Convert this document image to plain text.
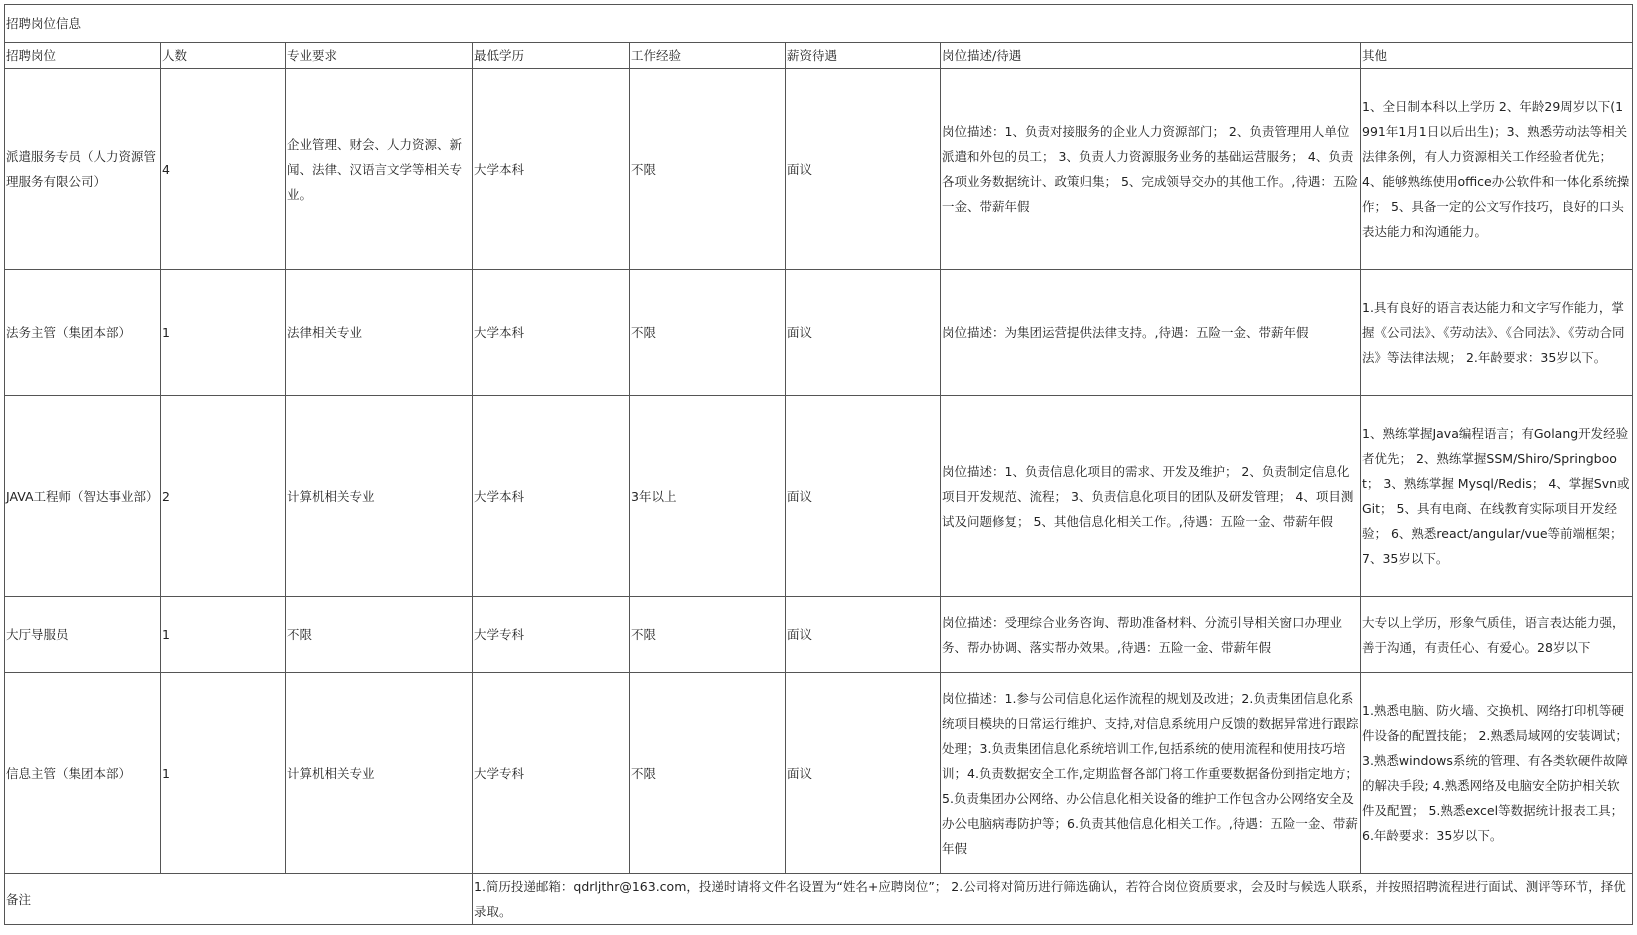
招聘岗位信息							
招聘岗位	人数	专业要求	最低学历	工作经验	薪资待遇	岗位描述/待遇	其他
派遣服务专员（人力资源管理服务有限公司）	4	企业管理、财会、人力资源、新闻、法律、汉语言文学等相关专业。	大学本科	不限	面议	岗位描述：1、负责对接服务的企业人力资源部门； 2、负责管理用人单位派遣和外包的员工； 3、负责人力资源服务业务的基础运营服务； 4、负责各项业务数据统计、政策归集； 5、完成领导交办的其他工作。,待遇：五险一金、带薪年假	1、全日制本科以上学历 2、年龄29周岁以下(1991年1月1日以后出生)；3、熟悉劳动法等相关法律条例，有人力资源相关工作经验者优先； 4、能够熟练使用office办公软件和一体化系统操作； 5、具备一定的公文写作技巧，良好的口头表达能力和沟通能力。
法务主管（集团本部）	1	法律相关专业	大学本科	不限	面议	岗位描述：为集团运营提供法律支持。,待遇：五险一金、带薪年假	1.具有良好的语言表达能力和文字写作能力，掌握《公司法》、《劳动法》、《合同法》、《劳动合同法》等法律法规； 2.年龄要求：35岁以下。
JAVA工程师（智达事业部）	2	计算机相关专业	大学本科	3年以上	面议	岗位描述：1、负责信息化项目的需求、开发及维护； 2、负责制定信息化项目开发规范、流程； 3、负责信息化项目的团队及研发管理； 4、项目测试及问题修复； 5、其他信息化相关工作。,待遇：五险一金、带薪年假	1、熟练掌握Java编程语言；有Golang开发经验者优先； 2、熟练掌握SSM/Shiro/Springboot； 3、熟练掌握 Mysql/Redis； 4、掌握Svn或Git； 5、具有电商、在线教育实际项目开发经验； 6、熟悉react/angular/vue等前端框架； 7、35岁以下。
大厅导服员	1	不限	大学专科	不限	面议	岗位描述：受理综合业务咨询、帮助准备材料、分流引导相关窗口办理业务、帮办协调、落实帮办效果。,待遇：五险一金、带薪年假	大专以上学历，形象气质佳，语言表达能力强，善于沟通，有责任心、有爱心。28岁以下
信息主管（集团本部）	1	计算机相关专业	大学专科	不限	面议	岗位描述：1.参与公司信息化运作流程的规划及改进；2.负责集团信息化系统项目模块的日常运行维护、支持,对信息系统用户反馈的数据异常进行跟踪处理；3.负责集团信息化系统培训工作,包括系统的使用流程和使用技巧培训；4.负责数据安全工作,定期监督各部门将工作重要数据备份到指定地方；5.负责集团办公网络、办公信息化相关设备的维护工作包含办公网络安全及办公电脑病毒防护等；6.负责其他信息化相关工作。,待遇：五险一金、带薪年假	1.熟悉电脑、防火墙、交换机、网络打印机等硬件设备的配置技能； 2.熟悉局域网的安装调试； 3.熟悉windows系统的管理、有各类软硬件故障的解决手段; 4.熟悉网络及电脑安全防护相关软件及配置； 5.熟悉excel等数据统计报表工具； 6.年龄要求：35岁以下。
备注			1.简历投递邮箱：qdrljthr@163.com，投递时请将文件名设置为“姓名+应聘岗位”； 2.公司将对简历进行筛选确认，若符合岗位资质要求，会及时与候选人联系，并按照招聘流程进行面试、测评等环节，择优录取。				
